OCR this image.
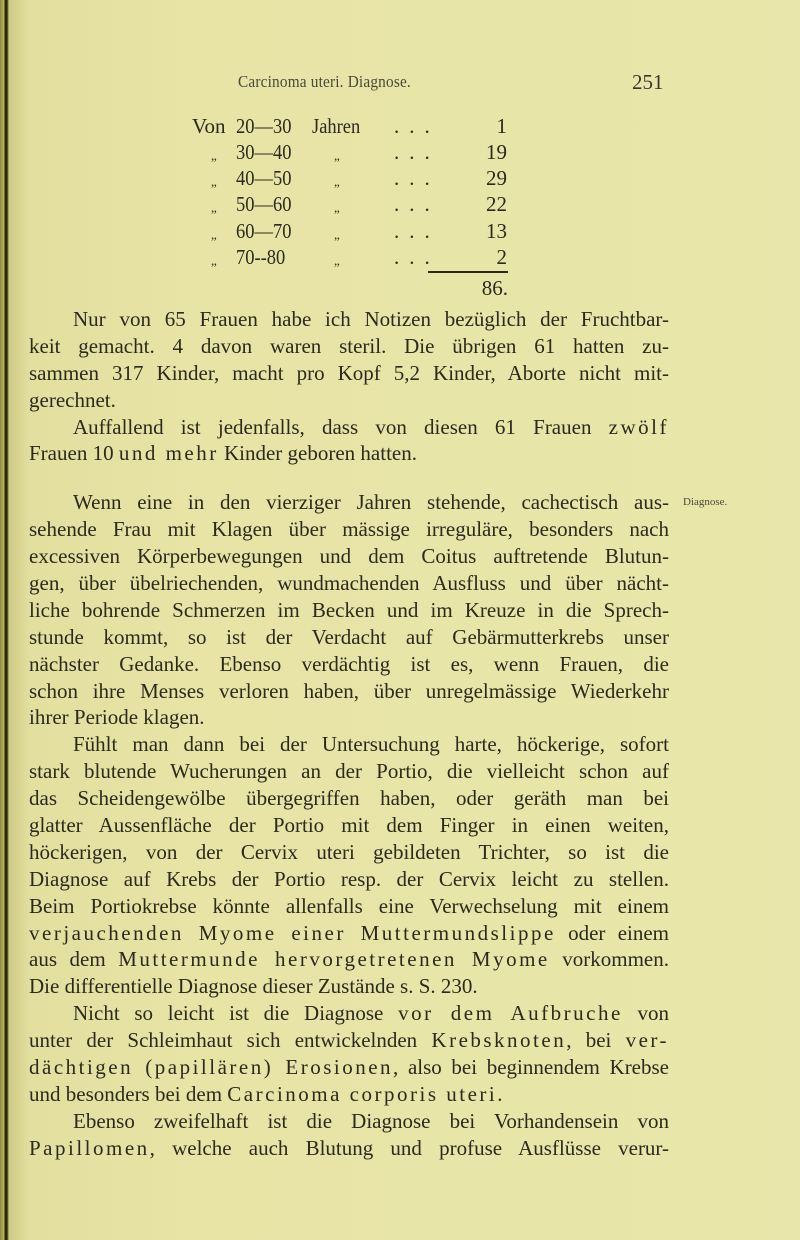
Carcinoma uteri. Diagnose.	251
Von 20—30 Jahren ...	1
„ 30—40	„	... 19
„ 40—50	„	... 29
„ 50—60	„	... 22
„ 60—70	„	... 13
„ 70--80	„	...	2
86.
Diagnose.
Nur von 65 Frauen habe ich Notizen bezüglich der Fruchtbar-
keit gemacht. 4 davon waren steril. Die übrigen 61 hatten zu-
sammen 317 Kinder, macht pro Kopf 5,2 Kinder, Aborte nicht mit-
gerechnet.
Auffallend ist jedenfalls, dass von diesen 61 Frauen zwölf
Frauen 10 und mehr Kinder geboren hatten.
Wenn eine in den vierziger Jahren stehende, cachectisch aus-
sehende Frau mit Klagen über mässige irreguläre, besonders nach
excessiven Körperbewegungen und dem Coitus auftretende Blutun-
gen, über übelriechenden, wundmachenden Ausfluss und über nächt-
liche bohrende Schmerzen im Becken und im Kreuze in die Sprech-
stunde kommt, so ist der Verdacht auf Gebärmutterkrebs unser
nächster Gedanke. Ebenso verdächtig ist es, wenn Frauen, die
schon ihre Menses verloren haben, über unregelmässige Wiederkehr
ihrer Periode klagen.
Fühlt man dann bei der Untersuchung harte, höckerige, sofort
stark blutende Wucherungen an der Portio, die vielleicht schon auf
das Scheidengewölbe übergegriffen haben, oder geräth man bei
glatter Aussenfläche der Portio mit dem Finger in einen weiten,
höckerigen, von der Cervix uteri gebildeten Trichter, so ist die
Diagnose auf Krebs der Portio resp. der Cervix leicht zu stellen.
Beim Portiokrebse könnte allenfalls eine Verwechselung mit einem
verjauchenden Myome einer Muttermundslippe oder einem
aus dem Muttermunde hervorgetretenen Myome vorkommen.
Die differentielle Diagnose dieser Zustände s. S. 230.
Nicht so leicht ist die Diagnose vor dem Aufbruche von
unter der Schleimhaut sich entwickelnden Krebsknoten, bei ver-
dächtigen (papillären) Erosionen, also bei beginnendem Krebse
und besonders bei dem Carcinoma corporis uteri.
Ebenso zweifelhaft ist die Diagnose bei Vorhandensein von
Papillomen, welche auch Blutung und profuse Ausflüsse verur-
